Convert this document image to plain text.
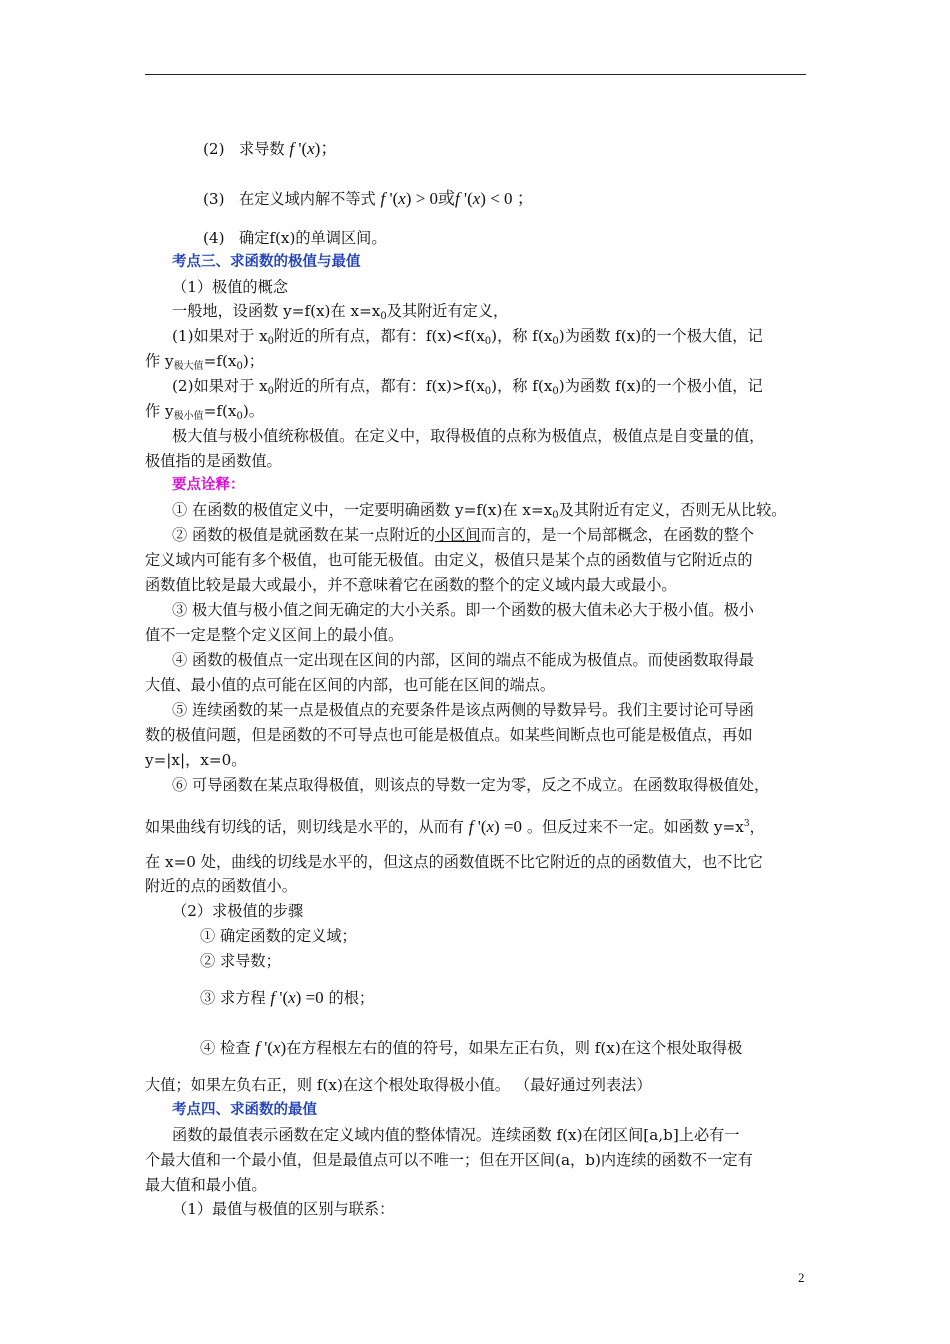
(2) 求导数 f '(x)；
(3) 在定义域内解不等式 f '(x) > 0或f '(x) < 0 ；
(4) 确定f(x)的单调区间。
考点三、求函数的极值与最值
（1）极值的概念
一般地，设函数 y=f(x)在 $x=x_0$及其附近有定义，
(1)如果对于 $x_0$附近的所有点，都有：$f(x)<f(x_0)$，称 $f(x_0)$为函数 f(x)的一个极大值，记
作 $y_{极大值}=f(x_0)$；
(2)如果对于 $x_0$附近的所有点，都有：$f(x)>f(x_0)$，称 $f(x_0)$为函数 f(x)的一个极小值，记
作 $y_{极小值}=f(x_0)$。
极大值与极小值统称极值。在定义中，取得极值的点称为极值点，极值点是自变量的值，
极值指的是函数值。
要点诠释：
① 在函数的极值定义中，一定要明确函数 y=f(x)在 $x=x_0$及其附近有定义，否则无从比较。
② 函数的极值是就函数在某一点附近的小区间而言的，是一个局部概念，在函数的整个
定义域内可能有多个极值，也可能无极值。由定义，极值只是某个点的函数值与它附近点的
函数值比较是最大或最小，并不意味着它在函数的整个的定义域内最大或最小。
③ 极大值与极小值之间无确定的大小关系。即一个函数的极大值未必大于极小值。极小
值不一定是整个定义区间上的最小值。
④ 函数的极值点一定出现在区间的内部，区间的端点不能成为极值点。而使函数取得最
大值、最小值的点可能在区间的内部，也可能在区间的端点。
⑤ 连续函数的某一点是极值点的充要条件是该点两侧的导数异号。我们主要讨论可导函
数的极值问题，但是函数的不可导点也可能是极值点。如某些间断点也可能是极值点，再如
y=|x|，x=0。
⑥ 可导函数在某点取得极值，则该点的导数一定为零，反之不成立。在函数取得极值处，
如果曲线有切线的话，则切线是水平的，从而有 f '(x) =0 。但反过来不一定。如函数 $y=x^3$，
在 x=0 处，曲线的切线是水平的，但这点的函数值既不比它附近的点的函数值大，也不比它
附近的点的函数值小。
（2）求极值的步骤
① 确定函数的定义域；
② 求导数；
③ 求方程 f '(x) =0 的根；
④ 检查 f '(x)在方程根左右的值的符号，如果左正右负，则 f(x)在这个根处取得极
大值；如果左负右正，则 f(x)在这个根处取得极小值。 （最好通过列表法）
考点四、求函数的最值
函数的最值表示函数在定义域内值的整体情况。连续函数 f(x)在闭区间[a,b]上必有一
个最大值和一个最小值，但是最值点可以不唯一；但在开区间(a，b)内连续的函数不一定有
最大值和最小值。
（1）最值与极值的区别与联系：
2
